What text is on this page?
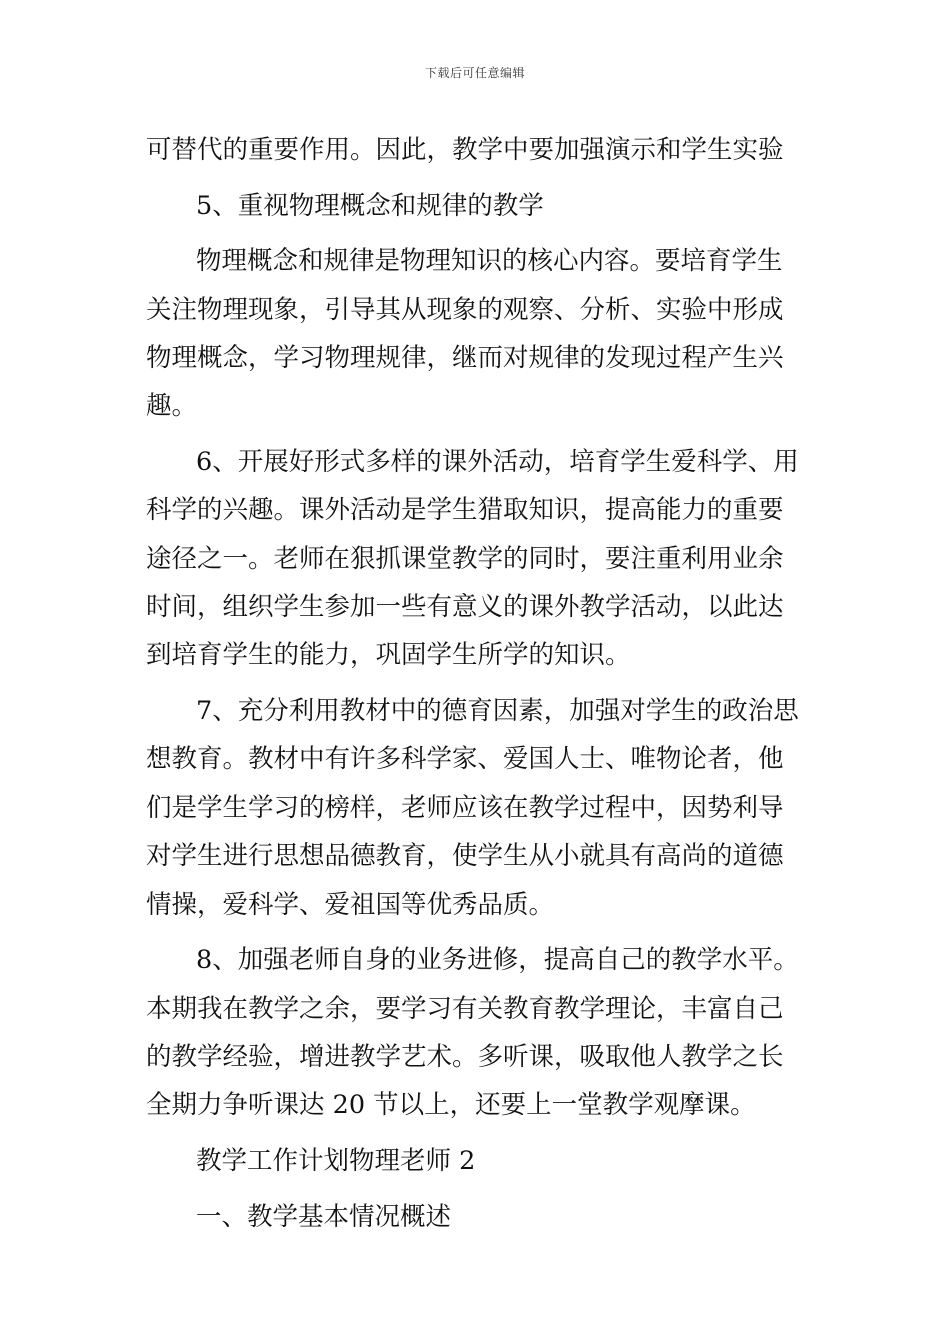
下载后可任意编辑
可替代的重要作用。因此，教学中要加强演示和学生实验
5、重视物理概念和规律的教学
物理概念和规律是物理知识的核心内容。要培育学生
关注物理现象，引导其从现象的观察、分析、实验中形成
物理概念，学习物理规律，继而对规律的发现过程产生兴
趣。
6、开展好形式多样的课外活动，培育学生爱科学、用
科学的兴趣。课外活动是学生猎取知识，提高能力的重要
途径之一。老师在狠抓课堂教学的同时，要注重利用业余
时间，组织学生参加一些有意义的课外教学活动，以此达
到培育学生的能力，巩固学生所学的知识。
7、充分利用教材中的德育因素，加强对学生的政治思
想教育。教材中有许多科学家、爱国人士、唯物论者，他
们是学生学习的榜样，老师应该在教学过程中，因势利导
对学生进行思想品德教育，使学生从小就具有高尚的道德
情操，爱科学、爱祖国等优秀品质。
8、加强老师自身的业务进修，提高自己的教学水平。
本期我在教学之余，要学习有关教育教学理论，丰富自己
的教学经验，增进教学艺术。多听课，吸取他人教学之长
全期力争听课达 20 节以上，还要上一堂教学观摩课。
教学工作计划物理老师 2
一、教学基本情况概述
